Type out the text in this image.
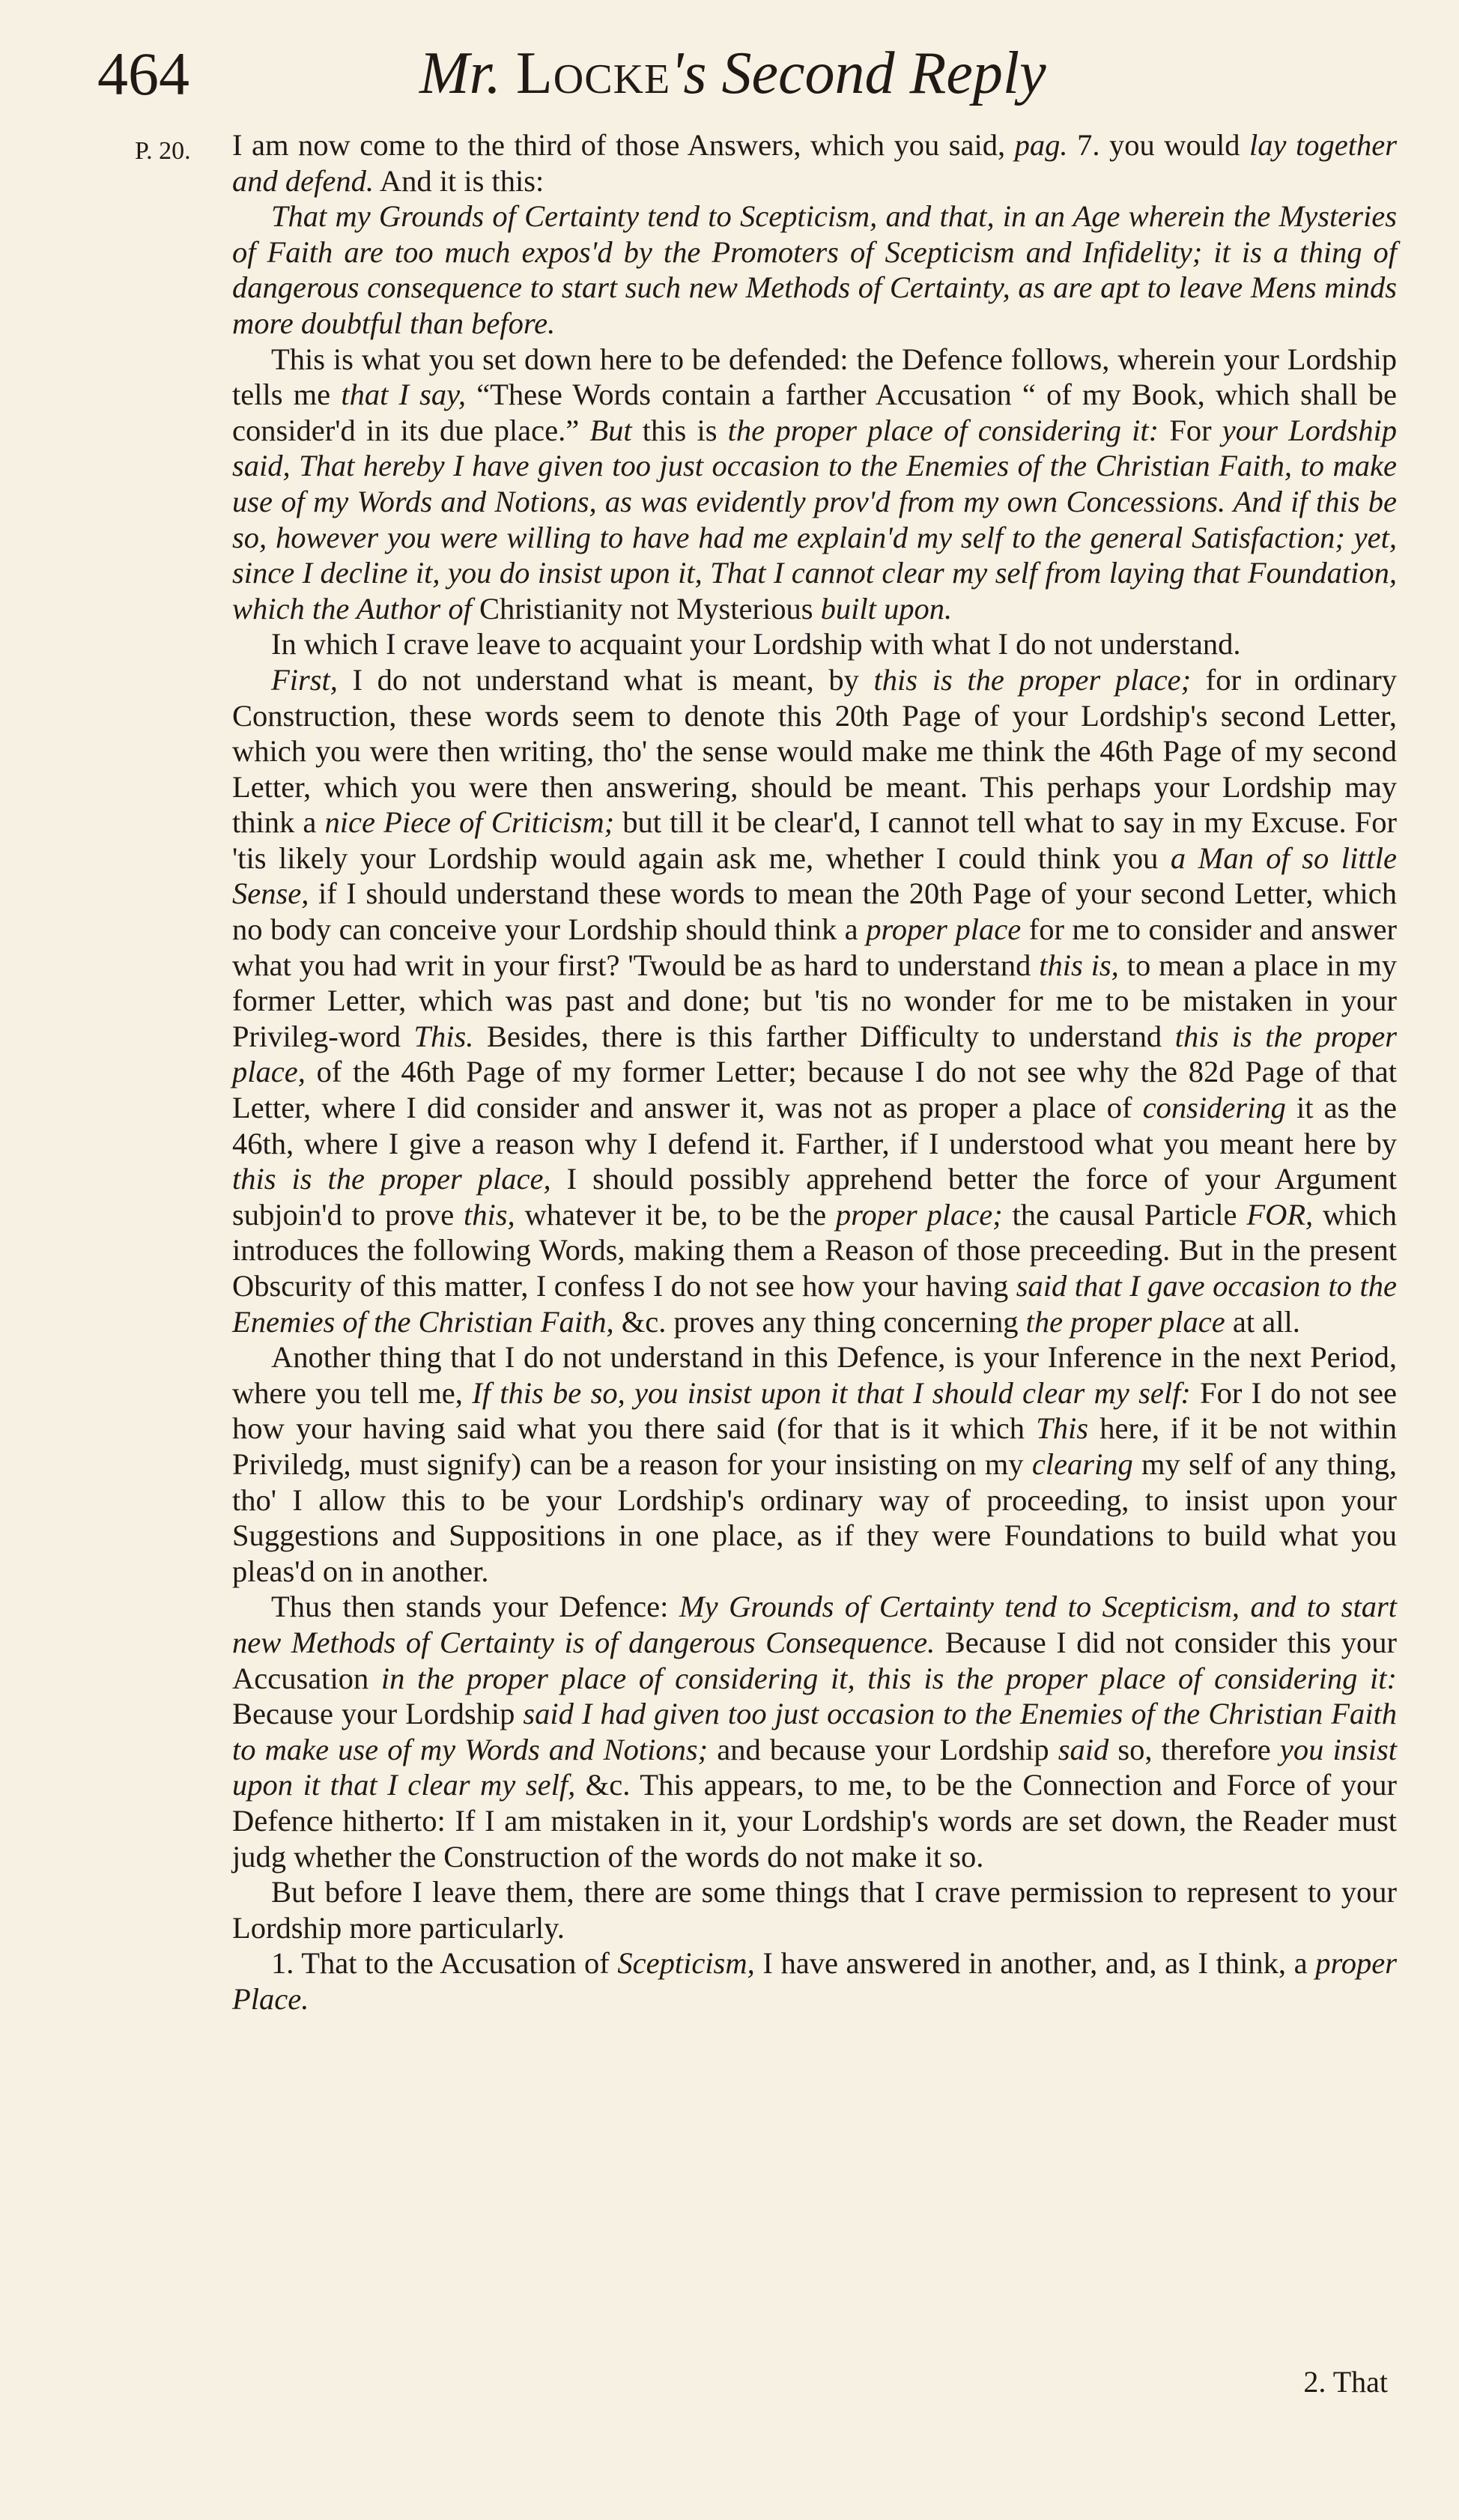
464	Mr. Locke's Second Reply
P. 20. I am now come to the third of those Answers, which you said, pag. 7. you would lay together and defend. And it is this:

That my Grounds of Certainty tend to Scepticism, and that, in an Age wherein the Mysteries of Faith are too much expos'd by the Promoters of Scepticism and Infidelity; it is a thing of dangerous consequence to start such new Methods of Certainty, as are apt to leave Mens minds more doubtful than before.

This is what you set down here to be defended: the Defence follows, wherein your Lordship tells me that I say, “These Words contain a farther Accusation “ of my Book, which shall be consider'd in its due place.” But this is the proper place of considering it: For your Lordship said, That hereby I have given too just occasion to the Enemies of the Christian Faith, to make use of my Words and Notions, as was evidently prov'd from my own Concessions. And if this be so, however you were willing to have had me explain'd my self to the general Satisfaction; yet, since I decline it, you do insist upon it, That I cannot clear my self from laying that Foundation, which the Author of Christianity not Mysterious built upon.

In which I crave leave to acquaint your Lordship with what I do not understand.

First, I do not understand what is meant, by this is the proper place; for in ordinary Construction, these words seem to denote this 20th Page of your Lordship's second Letter, which you were then writing, tho' the sense would make me think the 46th Page of my second Letter, which you were then answering, should be meant. This perhaps your Lordship may think a nice Piece of Criticism; but till it be clear'd, I cannot tell what to say in my Excuse. For 'tis likely your Lordship would again ask me, whether I could think you a Man of so little Sense, if I should understand these words to mean the 20th Page of your second Letter, which no body can conceive your Lordship should think a proper place for me to consider and answer what you had writ in your first? 'Twould be as hard to understand this is, to mean a place in my former Letter, which was past and done; but 'tis no wonder for me to be mistaken in your Privileg-word This. Besides, there is this farther Difficulty to understand this is the proper place, of the 46th Page of my former Letter; because I do not see why the 82d Page of that Letter, where I did consider and answer it, was not as proper a place of considering it as the 46th, where I give a reason why I defend it. Farther, if I understood what you meant here by this is the proper place, I should possibly apprehend better the force of your Argument subjoin'd to prove this, whatever it be, to be the proper place; the causal Particle FOR, which introduces the following Words, making them a Reason of those preceeding. But in the present Obscurity of this matter, I confess I do not see how your having said that I gave occasion to the Enemies of the Christian Faith, &c. proves any thing concerning the proper place at all.

Another thing that I do not understand in this Defence, is your Inference in the next Period, where you tell me, If this be so, you insist upon it that I should clear my self: For I do not see how your having said what you there said (for that is it which This here, if it be not within Priviledg, must signify) can be a reason for your insisting on my clearing my self of any thing, tho' I allow this to be your Lordship's ordinary way of proceeding, to insist upon your Suggestions and Suppositions in one place, as if they were Foundations to build what you pleas'd on in another.

Thus then stands your Defence: My Grounds of Certainty tend to Scepticism, and to start new Methods of Certainty is of dangerous Consequence. Because I did not consider this your Accusation in the proper place of considering it, this is the proper place of considering it: Because your Lordship said I had given too just occasion to the Enemies of the Christian Faith to make use of my Words and Notions; and because your Lordship said so, therefore you insist upon it that I clear my self, &c. This appears, to me, to be the Connection and Force of your Defence hitherto: If I am mistaken in it, your Lordship's words are set down, the Reader must judg whether the Construction of the words do not make it so.

But before I leave them, there are some things that I crave permission to represent to your Lordship more particularly.

1. That to the Accusation of Scepticism, I have answered in another, and, as I think, a proper Place.

2. That
